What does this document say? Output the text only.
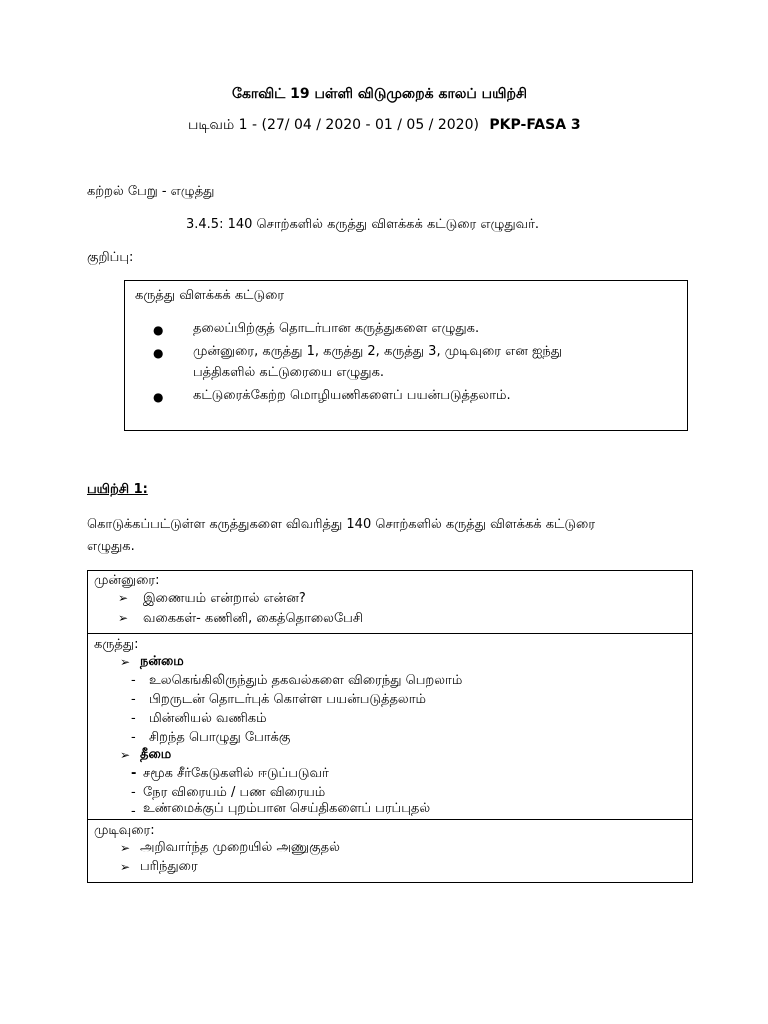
கோவிட் 19 பள்ளி விடுமுறைக் காலப் பயிற்சி
படிவம் 1 - (27/ 04 / 2020 - 01 / 05 / 2020) PKP-FASA 3
கற்றல் பேறு - எழுத்து
3.4.5: 140 சொற்களில் கருத்து விளக்கக் கட்டுரை எழுதுவர்.
குறிப்பு:
கருத்து விளக்கக் கட்டுரை
● தலைப்பிற்குத் தொடர்பான கருத்துகளை எழுதுக.
● முன்னுரை, கருத்து 1, கருத்து 2, கருத்து 3, முடிவுரை என ஐந்து
பத்திகளில் கட்டுரையை எழுதுக.
● கட்டுரைக்கேற்ற மொழியணிகளைப் பயன்படுத்தலாம்.
பயிற்சி 1:
கொடுக்கப்பட்டுள்ள கருத்துகளை விவரித்து 140 சொற்களில் கருத்து விளக்கக் கட்டுரை
எழுதுக.
முன்னுரை:
➢ இணையம் என்றால் என்ன?
➢ வகைகள்- கணினி, கைத்தொலைபேசி
கருத்து:
➢ நன்மை
- உலகெங்கிலிருந்தும் தகவல்களை விரைந்து பெறலாம்
- பிறருடன் தொடர்புக் கொள்ள பயன்படுத்தலாம்
- மின்னியல் வணிகம்
- சிறந்த பொழுது போக்கு
➢ தீமை
- சமூக சீர்கேடுகளில் ஈடுப்படுவர்
- நேர விரையம் / பண விரையம்
- உண்மைக்குப் புறம்பான செய்திகளைப் பரப்புதல்
முடிவுரை:
➢ அறிவார்ந்த முறையில் அணுகுதல்
➢ பரிந்துரை
